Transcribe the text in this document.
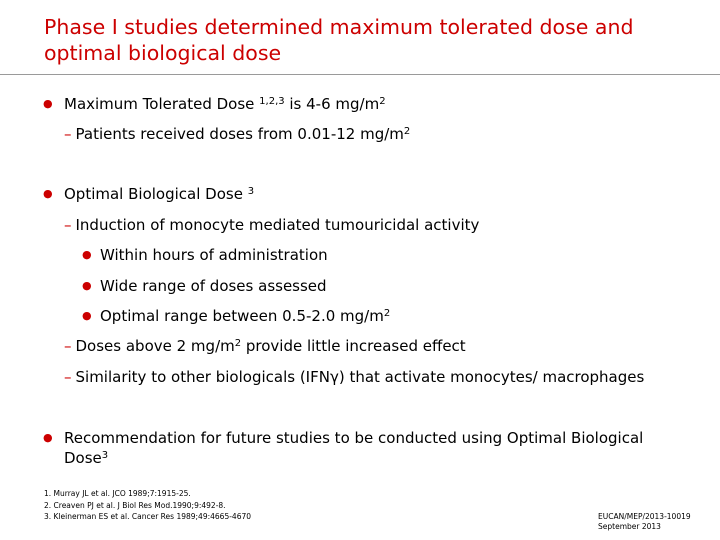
Phase I studies determined maximum tolerated dose and optimal biological dose
● Maximum Tolerated Dose $^{1,2,3}$ is 4-6 $mg/m^2$
– Patients received doses from 0.01-12 $mg/m^2$
● Optimal Biological Dose $^3$
– Induction of monocyte mediated tumouricidal activity
● Within hours of administration
● Wide range of doses assessed
● Optimal range between 0.5-2.0 $mg/m^2$
– Doses above 2 $mg/m^2$ provide little increased effect
– Similarity to other biologicals (IFNγ) that activate monocytes/ macrophages
● Recommendation for future studies to be conducted using Optimal Biological Dose$^3$
1. Murray JL et al. JCO 1989;7:1915-25.
2. Creaven PJ et al. J Biol Res Mod.1990;9:492-8.
3. Kleinerman ES et al. Cancer Res 1989;49:4665-4670	EUCAN/MEP/2013-10019
September 2013
